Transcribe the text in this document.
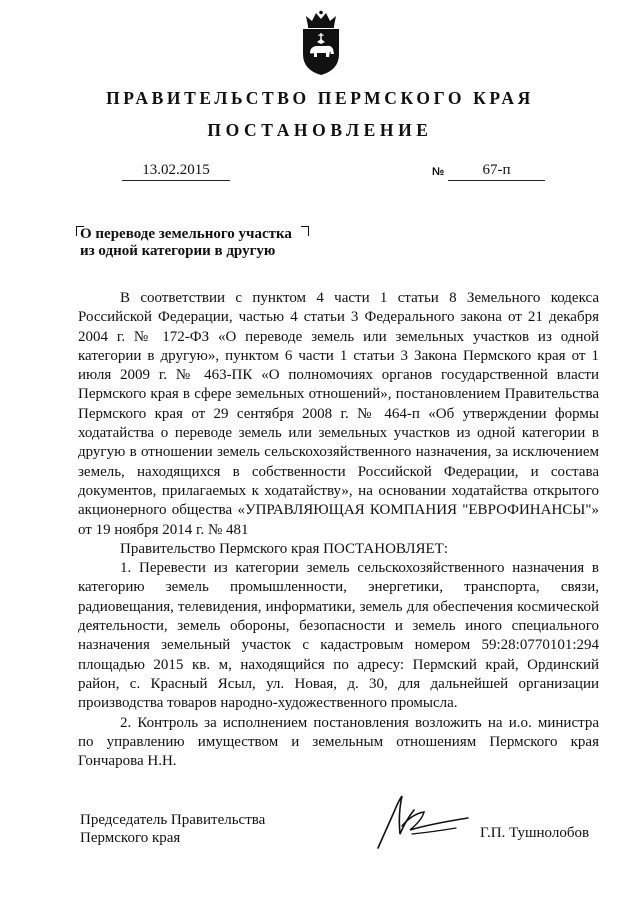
ПРАВИТЕЛЬСТВО ПЕРМСКОГО КРАЯ
ПОСТАНОВЛЕНИЕ
13.02.2015	№	67-п
О переводе земельного участка
из одной категории в другую

В соответствии с пунктом 4 части 1 статьи 8 Земельного кодекса Российской Федерации, частью 4 статьи 3 Федерального закона от 21 декабря 2004 г. № 172-ФЗ «О переводе земель или земельных участков из одной категории в другую», пунктом 6 части 1 статьи 3 Закона Пермского края от 1 июля 2009 г. № 463-ПК «О полномочиях органов государственной власти Пермского края в сфере земельных отношений», постановлением Правительства Пермского края от 29 сентября 2008 г. № 464-п «Об утверждении формы ходатайства о переводе земель или земельных участков из одной категории в другую в отношении земель сельскохозяйственного назначения, за исключением земель, находящихся в собственности Российской Федерации, и состава документов, прилагаемых к ходатайству», на основании ходатайства открытого акционерного общества «УПРАВЛЯЮЩАЯ КОМПАНИЯ "ЕВРОФИНАНСЫ"» от 19 ноября 2014 г. № 481

Правительство Пермского края ПОСТАНОВЛЯЕТ:

1. Перевести из категории земель сельскохозяйственного назначения в категорию земель промышленности, энергетики, транспорта, связи, радиовещания, телевидения, информатики, земель для обеспечения космической деятельности, земель обороны, безопасности и земель иного специального назначения земельный участок с кадастровым номером 59:28:0770101:294 площадью 2015 кв. м, находящийся по адресу: Пермский край, Ординский район, с. Красный Ясыл, ул. Новая, д. 30, для дальнейшей организации производства товаров народно-художественного промысла.

2. Контроль за исполнением постановления возложить на и.о. министра по управлению имуществом и земельным отношениям Пермского края Гончарова Н.Н.

Председатель Правительства
Пермского края	Г.П. Тушнолобов
